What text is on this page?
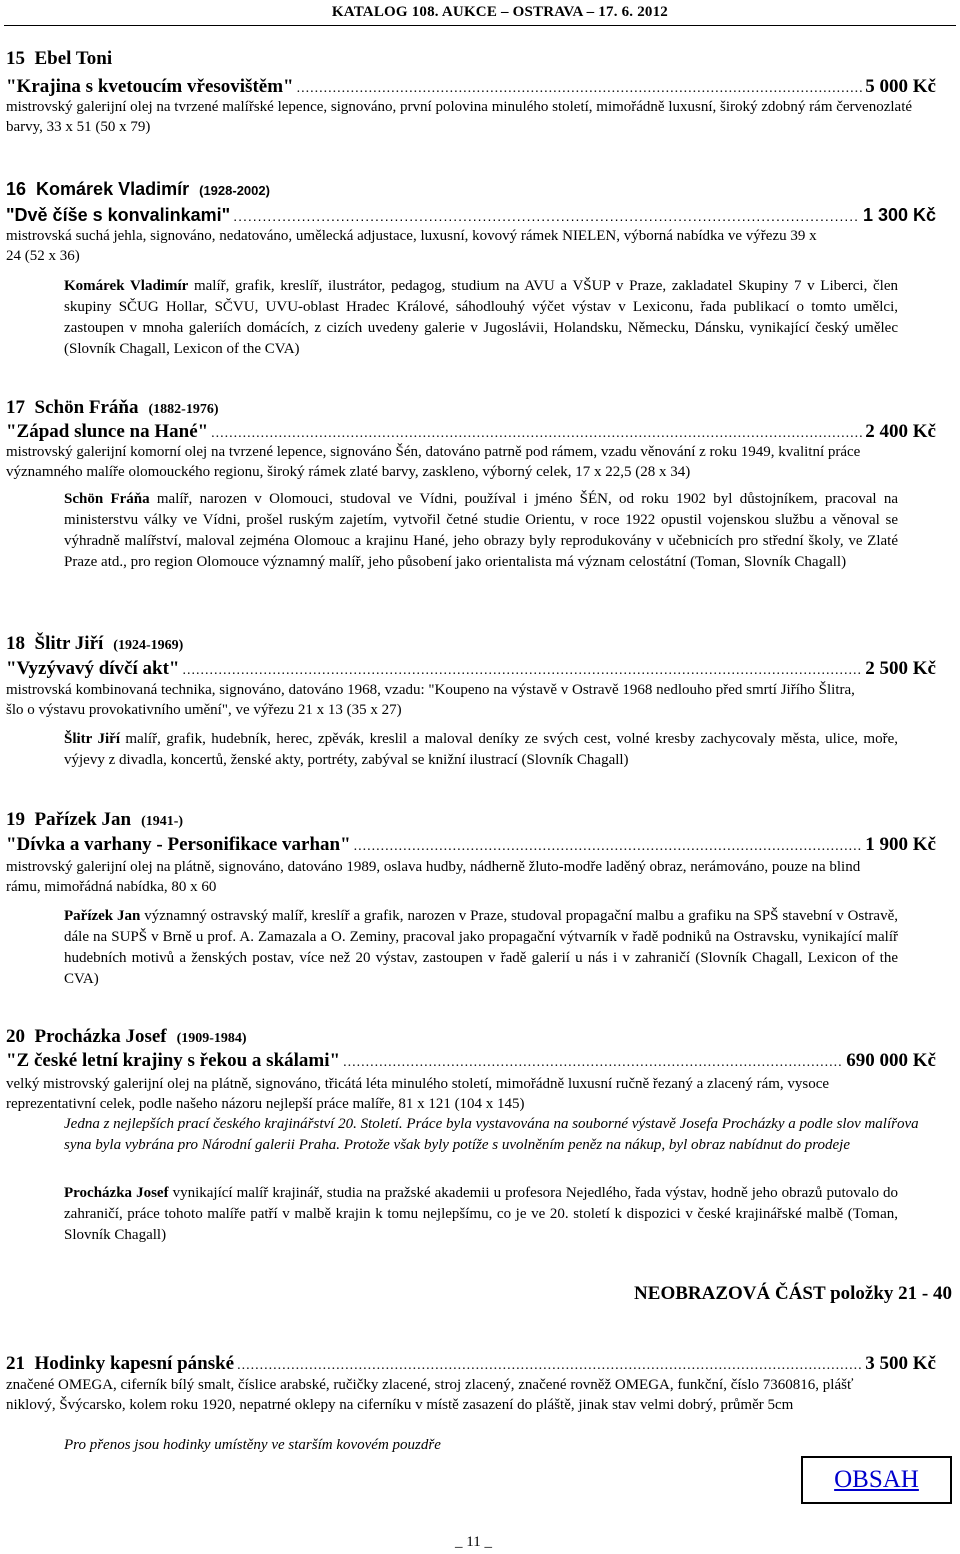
KATALOG 108. AUKCE – OSTRAVA – 17. 6. 2012
15 Ebel Toni
"Krajina s kvetoucím vřesovištěm" .....	5 000 Kč
mistrovský galerijní olej na tvrzené malířské lepence, signováno, první polovina minulého století, mimořádně luxusní, široký zdobný rám červenozlaté barvy, 33 x 51 (50 x 79)
16 Komárek Vladimír (1928-2002)
"Dvě číše s konvalinkami" .....	1 300 Kč
mistrovská suchá jehla, signováno, nedatováno, umělecká adjustace, luxusní, kovový rámek NIELEN, výborná nabídka ve výřezu 39 x 24 (52 x 36)
Komárek Vladimír malíř, grafik, kreslíř, ilustrátor, pedagog, studium na AVU a VŠUP v Praze, zakladatel Skupiny 7 v Liberci, člen skupiny SČUG Hollar, SČVU, UVU-oblast Hradec Králové, sáhodlouhý výčet výstav v Lexiconu, řada publikací o tomto umělci, zastoupen v mnoha galeriích domácích, z cizích uvedeny galerie v Jugoslávii, Holandsku, Německu, Dánsku, vynikající český umělec (Slovník Chagall, Lexicon of the CVA)
17 Schön Fráňa (1882-1976)
"Západ slunce na Hané" .....	2 400 Kč
mistrovský galerijní komorní olej na tvrzené lepence, signováno Šén, datováno patrně pod rámem, vzadu věnování z roku 1949, kvalitní práce významného malíře olomouckého regionu, široký rámek zlaté barvy, zaskleno, výborný celek, 17 x 22,5 (28 x 34)
Schön Fráňa malíř, narozen v Olomouci, studoval ve Vídni, používal i jméno ŠÉN, od roku 1902 byl důstojníkem, pracoval na ministerstvu války ve Vídni, prošel ruským zajetím, vytvořil četné studie Orientu, v roce 1922 opustil vojenskou službu a věnoval se výhradně malířství, maloval zejména Olomouc a krajinu Hané, jeho obrazy byly reprodukovány v učebnicích pro střední školy, ve Zlaté Praze atd., pro region Olomouce významný malíř, jeho působení jako orientalista má význam celostátní (Toman, Slovník Chagall)
18 Šlitr Jiří (1924-1969)
"Vyzývavý dívčí akt" .....	2 500 Kč
mistrovská kombinovaná technika, signováno, datováno 1968, vzadu: "Koupeno na výstavě v Ostravě 1968 nedlouho před smrtí Jiřího Šlitra, šlo o výstavu provokativního umění", ve výřezu 21 x 13 (35 x 27)
Šlitr Jiří malíř, grafik, hudebník, herec, zpěvák, kreslil a maloval deníky ze svých cest, volné kresby zachycovaly města, ulice, moře, výjevy z divadla, koncertů, ženské akty, portréty, zabýval se knižní ilustrací (Slovník Chagall)
19 Pařízek Jan (1941-)
"Dívka a varhany - Personifikace varhan" .....	1 900 Kč
mistrovský galerijní olej na plátně, signováno, datováno 1989, oslava hudby, nádherně žluto-modře laděný obraz, nerámováno, pouze na blind rámu, mimořádná nabídka, 80 x 60
Pařízek Jan významný ostravský malíř, kreslíř a grafik, narozen v Praze, studoval propagační malbu a grafiku na SPŠ stavební v Ostravě, dále na SUPŠ v Brně u prof. A. Zamazala a O. Zeminy, pracoval jako propagační výtvarník v řadě podniků na Ostravsku, vynikající malíř hudebních motivů a ženských postav, více než 20 výstav, zastoupen v řadě galerií u nás i v zahraničí (Slovník Chagall, Lexicon of the CVA)
20 Procházka Josef (1909-1984)
"Z české letní krajiny s řekou a skálami" .....	690 000 Kč
velký mistrovský galerijní olej na plátně, signováno, třicátá léta minulého století, mimořádně luxusní ručně řezaný a zlacený rám, vysoce reprezentativní celek, podle našeho názoru nejlepší práce malíře, 81 x 121 (104 x 145)
Jedna z nejlepších prací českého krajinářství 20. Století. Práce byla vystavována na souborné výstavě Josefa Procházky a podle slov malířova syna byla vybrána pro Národní galerii Praha. Protože však byly potíže s uvolněním peněz na nákup, byl obraz nabídnut do prodeje
Procházka Josef vynikající malíř krajinář, studia na pražské akademii u profesora Nejedlého, řada výstav, hodně jeho obrazů putovalo do zahraničí, práce tohoto malíře patří v malbě krajin k tomu nejlepšímu, co je ve 20. století k dispozici v české krajinářské malbě (Toman, Slovník Chagall)
NEOBRAZOVÁ ČÁST položky 21 - 40
21
Hodinky kapesní pánské .....	3 500 Kč
značené OMEGA, ciferník bílý smalt, číslice arabské, ručičky zlacené, stroj zlacený, značené rovněž OMEGA, funkční, číslo 7360816, plášť niklový, Švýcarsko, kolem roku 1920, nepatrné oklepy na ciferníku v místě zasazení do pláště, jinak stav velmi dobrý, průměr 5cm
Pro přenos jsou hodinky umístěny ve starším kovovém pouzdře
OBSAH
_ 11 _
